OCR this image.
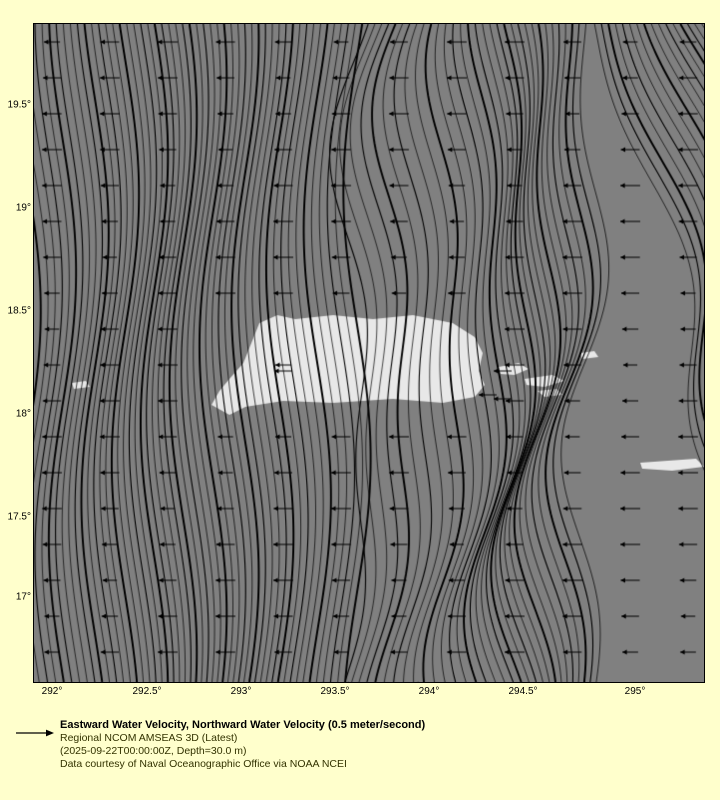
19.5°
19°
18.5°
18°
17.5°
17°
292°	292.5°	293°	293.5°	294°	294.5°	295°
Eastward Water Velocity, Northward Water Velocity (0.5 meter/second)
Regional NCOM AMSEAS 3D (Latest)
(2025-09-22T00:00:00Z, Depth=30.0 m)
Data courtesy of Naval Oceanographic Office via NOAA NCEI
